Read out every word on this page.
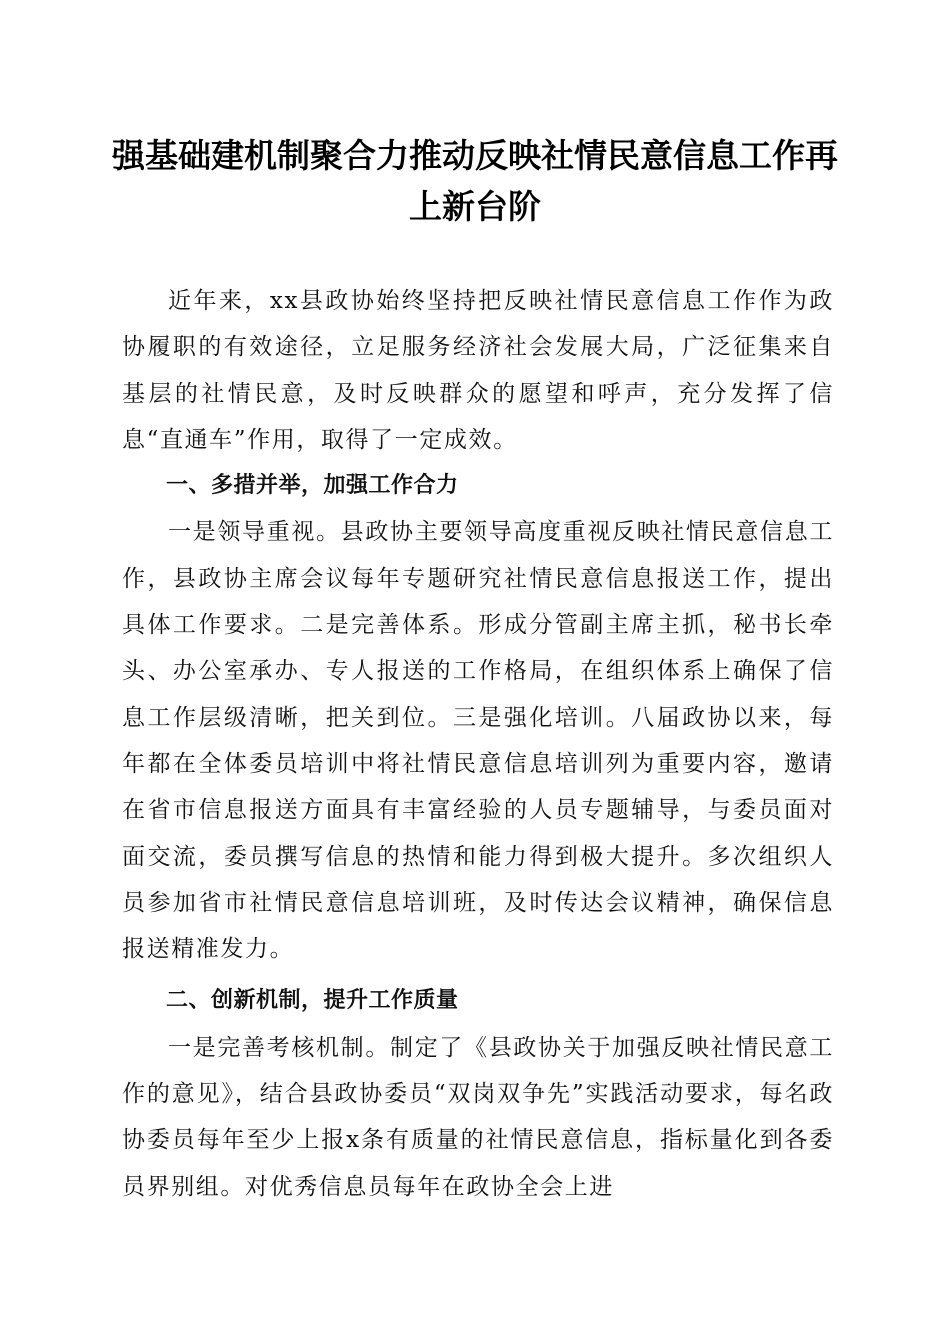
强基础建机制聚合力推动反映社情民意信息工作再上新台阶

近年来，xx县政协始终坚持把反映社情民意信息工作作为政协履职的有效途径，立足服务经济社会发展大局，广泛征集来自基层的社情民意，及时反映群众的愿望和呼声，充分发挥了信息“直通车”作用，取得了一定成效。

一、多措并举，加强工作合力

一是领导重视。县政协主要领导高度重视反映社情民意信息工作，县政协主席会议每年专题研究社情民意信息报送工作，提出具体工作要求。二是完善体系。形成分管副主席主抓，秘书长牵头、办公室承办、专人报送的工作格局，在组织体系上确保了信息工作层级清晰，把关到位。三是强化培训。八届政协以来，每年都在全体委员培训中将社情民意信息培训列为重要内容，邀请在省市信息报送方面具有丰富经验的人员专题辅导，与委员面对面交流，委员撰写信息的热情和能力得到极大提升。多次组织人员参加省市社情民意信息培训班，及时传达会议精神，确保信息报送精准发力。

二、创新机制，提升工作质量

一是完善考核机制。制定了《县政协关于加强反映社情民意工作的意见》，结合县政协委员“双岗双争先”实践活动要求，每名政协委员每年至少上报x条有质量的社情民意信息，指标量化到各委员界别组。对优秀信息员每年在政协全会上进
